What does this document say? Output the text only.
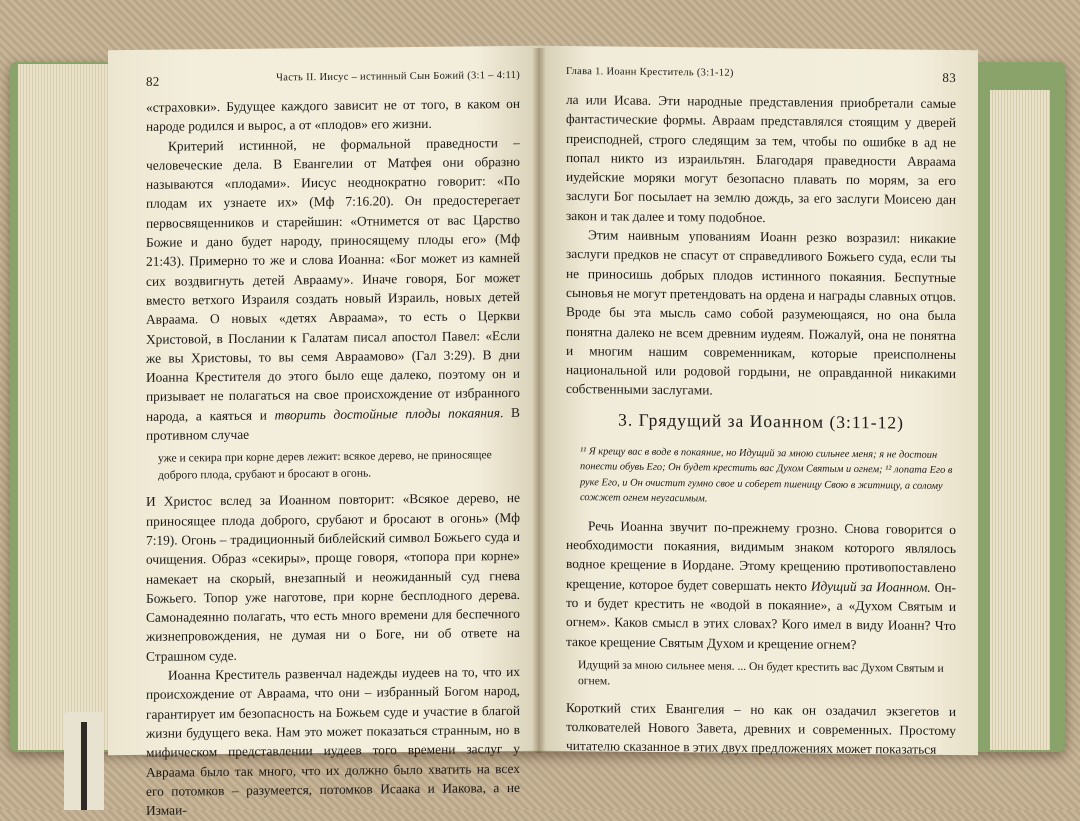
82	Часть II. Иисус – истинный Сын Божий (3:1 – 4:11)

«страховки». Будущее каждого зависит не от того, в каком он народе родился и вырос, а от «плодов» его жизни.

Критерий истинной, не формальной праведности – человеческие дела. В Евангелии от Матфея они образно называются «плодами». Иисус неоднократно говорит: «По плодам их узнаете их» (Мф 7:16.20). Он предостерегает первосвященников и старейшин: «Отнимется от вас Царство Божие и дано будет народу, приносящему плоды его» (Мф 21:43). Примерно то же и слова Иоанна: «Бог может из камней сих воздвигнуть детей Аврааму». Иначе говоря, Бог может вместо ветхого Израиля создать новый Израиль, новых детей Авраама. О новых «детях Авраама», то есть о Церкви Христовой, в Послании к Галатам писал апостол Павел: «Если же вы Христовы, то вы семя Авраамово» (Гал 3:29). В дни Иоанна Крестителя до этого было еще далеко, поэтому он и призывает не полагаться на свое происхождение от избранного народа, а каяться и творить достойные плоды покаяния. В противном случае

уже и секира при корне дерев лежит: всякое дерево, не приносящее доброго плода, срубают и бросают в огонь.

И Христос вслед за Иоанном повторит: «Всякое дерево, не приносящее плода доброго, срубают и бросают в огонь» (Мф 7:19). Огонь – традиционный библейский символ Божьего суда и очищения. Образ «секиры», проще говоря, «топора при корне» намекает на скорый, внезапный и неожиданный суд гнева Божьего. Топор уже наготове, при корне бесплодного дерева. Самонадеянно полагать, что есть много времени для беспечного жизнепровождения, не думая ни о Боге, ни об ответе на Страшном суде.

Иоанна Креститель развенчал надежды иудеев на то, что их происхождение от Авраама, что они – избранный Богом народ, гарантирует им безопасность на Божьем суде и участие в благой жизни будущего века. Нам это может показаться странным, но в мифическом представлении иудеев того времени заслуг у Авраама было так много, что их должно было хватить на всех его потомков – разумеется, потомков Исаака и Иакова, а не Измаи-

Глава 1. Иоанн Креститель (3:1-12)	83

ла или Исава. Эти народные представления приобретали самые фантастические формы. Авраам представлялся стоящим у дверей преисподней, строго следящим за тем, чтобы по ошибке в ад не попал никто из израильтян. Благодаря праведности Авраама иудейские моряки могут безопасно плавать по морям, за его заслуги Бог посылает на землю дождь, за его заслуги Моисею дан закон и так далее и тому подобное.

Этим наивным упованиям Иоанн резко возразил: никакие заслуги предков не спасут от справедливого Божьего суда, если ты не приносишь добрых плодов истинного покаяния. Беспутные сыновья не могут претендовать на ордена и награды славных отцов. Вроде бы эта мысль само собой разумеющаяся, но она была понятна далеко не всем древним иудеям. Пожалуй, она не понятна и многим нашим современникам, которые преисполнены национальной или родовой гордыни, не оправданной никакими собственными заслугами.

3. Грядущий за Иоанном (3:11-12)
¹¹ Я крещу вас в воде в покаяние, но Идущий за мною сильнее меня; я не достоин понести обувь Его; Он будет крестить вас Духом Святым и огнем; ¹² лопата Его в руке Его, и Он очистит гумно свое и соберет пшеницу Свою в житницу, а солому сожжет огнем неугасимым.

Речь Иоанна звучит по-прежнему грозно. Снова говорится о необходимости покаяния, видимым знаком которого являлось водное крещение в Иордане. Этому крещению противопоставлено крещение, которое будет совершать некто Идущий за Иоанном. Он-то и будет крестить не «водой в покаяние», а «Духом Святым и огнем». Каков смысл в этих словах? Кого имел в виду Иоанн? Что такое крещение Святым Духом и крещение огнем?

Идущий за мною сильнее меня. ... Он будет крестить вас Духом Святым и огнем.

Короткий стих Евангелия – но как он озадачил экзегетов и толкователей Нового Завета, древних и современных. Простому читателю сказанное в этих двух предложениях может показаться
